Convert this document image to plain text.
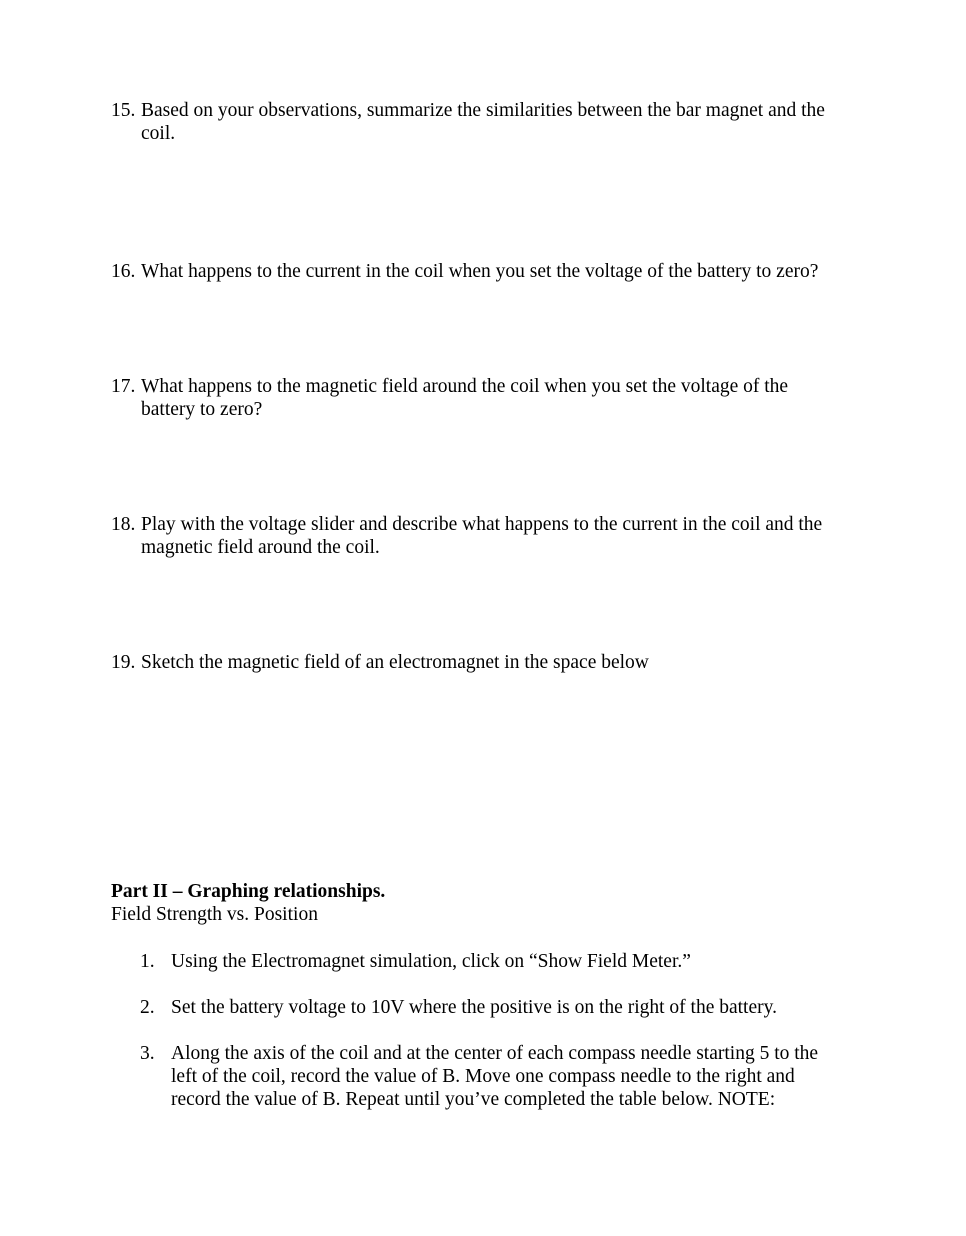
15. Based on your observations, summarize the similarities between the bar magnet and the coil.
16. What happens to the current in the coil when you set the voltage of the battery to zero?
17. What happens to the magnetic field around the coil when you set the voltage of the battery to zero?
18. Play with the voltage slider and describe what happens to the current in the coil and the magnetic field around the coil.
19. Sketch the magnetic field of an electromagnet in the space below
Part II – Graphing relationships.
Field Strength vs. Position
1. Using the Electromagnet simulation, click on “Show Field Meter.”
2. Set the battery voltage to 10V where the positive is on the right of the battery.
3. Along the axis of the coil and at the center of each compass needle starting 5 to the left of the coil, record the value of B. Move one compass needle to the right and record the value of B. Repeat until you’ve completed the table below. NOTE:
